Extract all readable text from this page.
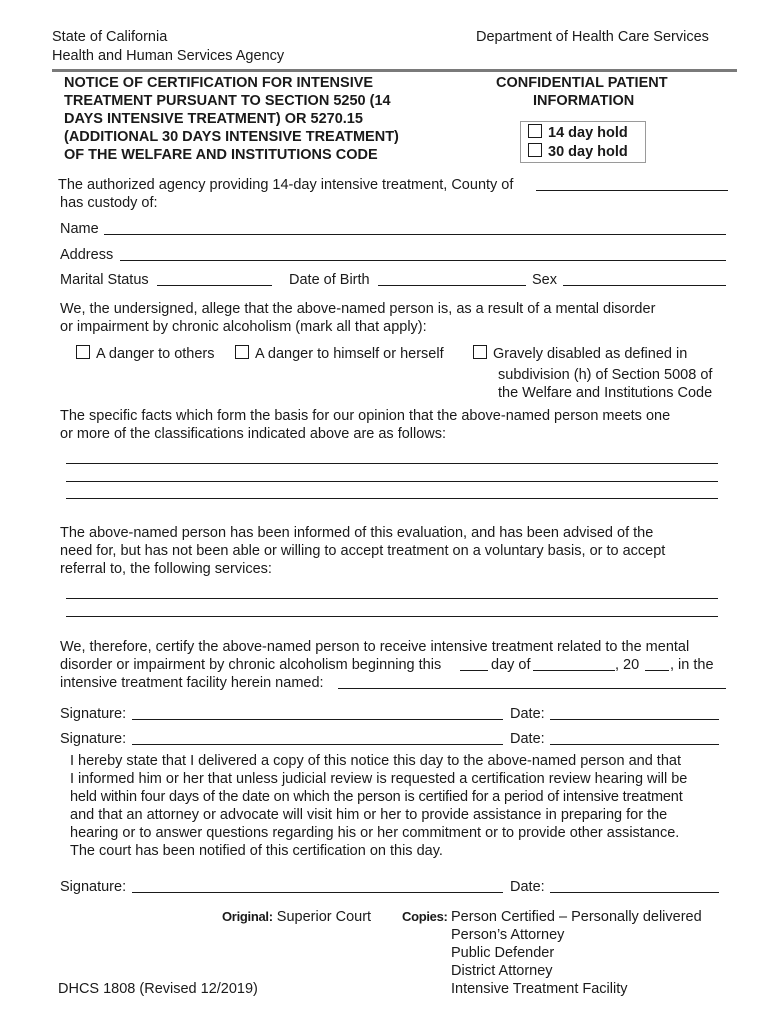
State of California
Health and Human Services Agency
Department of Health Care Services
NOTICE OF CERTIFICATION FOR INTENSIVE
TREATMENT PURSUANT TO SECTION 5250 (14
DAYS INTENSIVE TREATMENT) OR 5270.15
(ADDITIONAL 30 DAYS INTENSIVE TREATMENT)
OF THE WELFARE AND INSTITUTIONS CODE
CONFIDENTIAL PATIENT
INFORMATION
14 day hold
30 day hold
The authorized agency providing 14-day intensive treatment, County of
has custody of:
Name
Address
Marital Status	Date of Birth	Sex
We, the undersigned, allege that the above-named person is, as a result of a mental disorder
or impairment by chronic alcoholism (mark all that apply):
A danger to others	A danger to himself or herself	Gravely disabled as defined in
subdivision (h) of Section 5008 of
the Welfare and Institutions Code
The specific facts which form the basis for our opinion that the above-named person meets one
or more of the classifications indicated above are as follows:
The above-named person has been informed of this evaluation, and has been advised of the
need for, but has not been able or willing to accept treatment on a voluntary basis, or to accept
referral to, the following services:
We, therefore, certify the above-named person to receive intensive treatment related to the mental
disorder or impairment by chronic alcoholism beginning this	day of	, 20 , in the
intensive treatment facility herein named:
Signature:	Date:
Signature:	Date:
I hereby state that I delivered a copy of this notice this day to the above-named person and that
I informed him or her that unless judicial review is requested a certification review hearing will be
held within four days of the date on which the person is certified for a period of intensive treatment
and that an attorney or advocate will visit him or her to provide assistance in preparing for the
hearing or to answer questions regarding his or her commitment or to provide other assistance.
The court has been notified of this certification on this day.
Signature:	Date:
Original: Superior Court Copies: Person Certified – Personally delivered
Person’s Attorney
Public Defender
District Attorney
Intensive Treatment Facility
DHCS 1808 (Revised 12/2019)
